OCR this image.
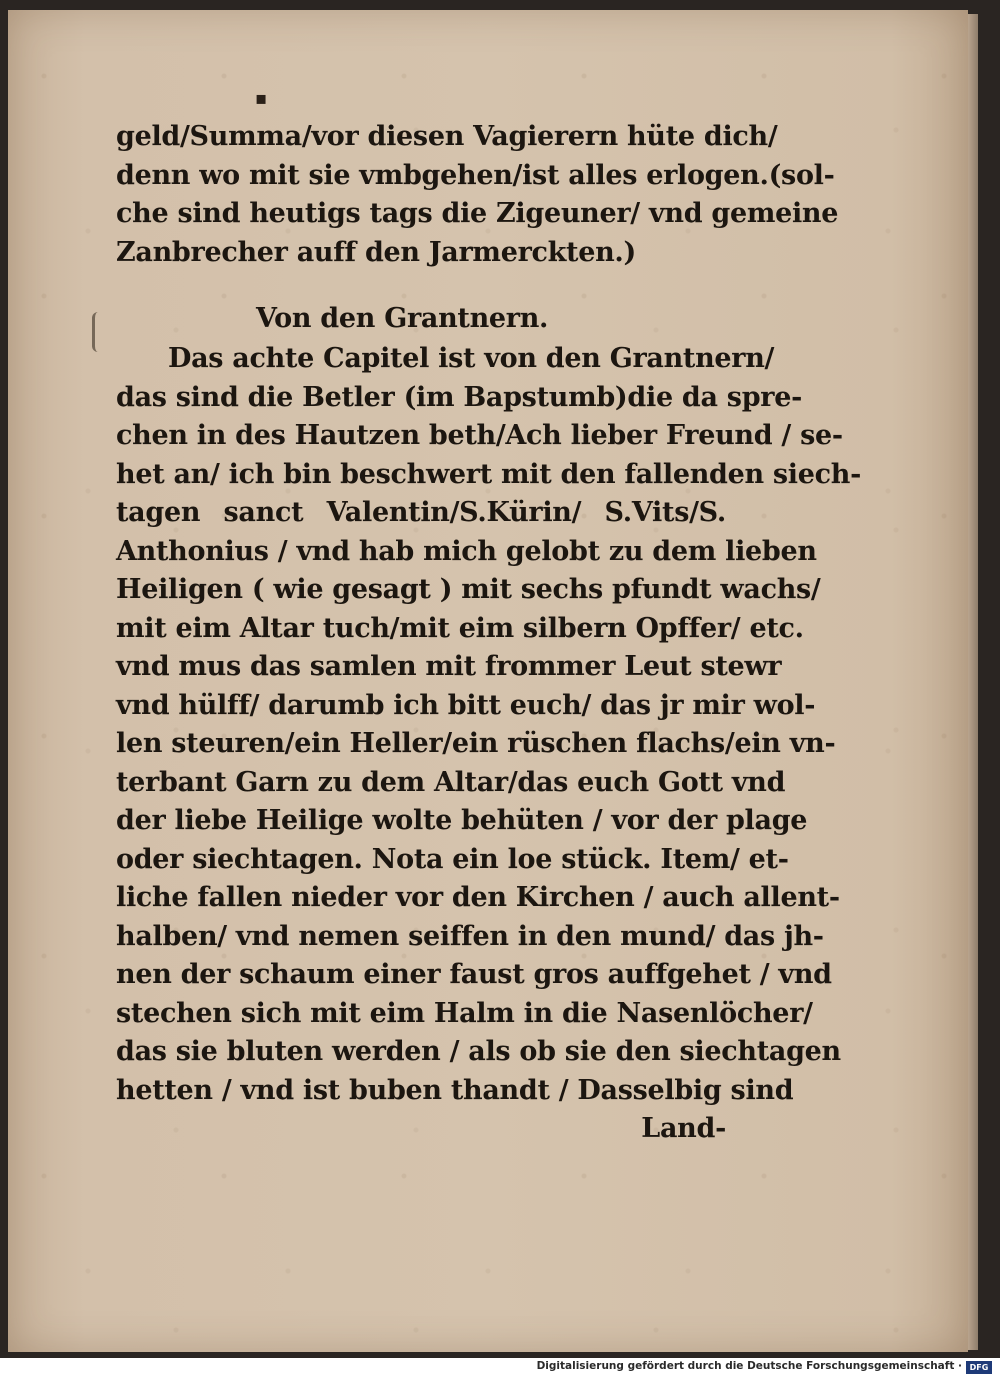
▪
geld/Summa/vor diesen Vagierern hüte dich/
denn wo mit sie vmbgehen/ist alles erlogen.(sol-
che sind heutigs tags die Zigeuner/ vnd gemeine
Zanbrecher auff den Jarmerckten.)
Von den Grantnern.
Das achte Capitel ist von den Grantnern/
das sind die Betler (im Bapstumb)die da spre-
chen in des Hautzen beth/Ach lieber Freund / se-
het an/ ich bin beschwert mit den fallenden siech-
tagen sanct Valentin/S.Kürin/ S.Vits/S.
Anthonius / vnd hab mich gelobt zu dem lieben
Heiligen ( wie gesagt ) mit sechs pfundt wachs/
mit eim Altar tuch/mit eim silbern Opffer/ etc.
vnd mus das samlen mit frommer Leut stewr
vnd hülff/ darumb ich bitt euch/ das jr mir wol-
len steuren/ein Heller/ein rüschen flachs/ein vn-
terbant Garn zu dem Altar/das euch Gott vnd
der liebe Heilige wolte behüten / vor der plage
oder siechtagen. Nota ein loe stück. Item/ et-
liche fallen nieder vor den Kirchen / auch allent-
halben/ vnd nemen seiffen in den mund/ das jh-
nen der schaum einer faust gros auffgehet / vnd
stechen sich mit eim Halm in die Nasenlöcher/
das sie bluten werden / als ob sie den siechtagen
hetten / vnd ist buben thandt / Dasselbig sind
Land-
Digitalisierung gefördert durch die Deutsche Forschungsgemeinschaft · DFG
